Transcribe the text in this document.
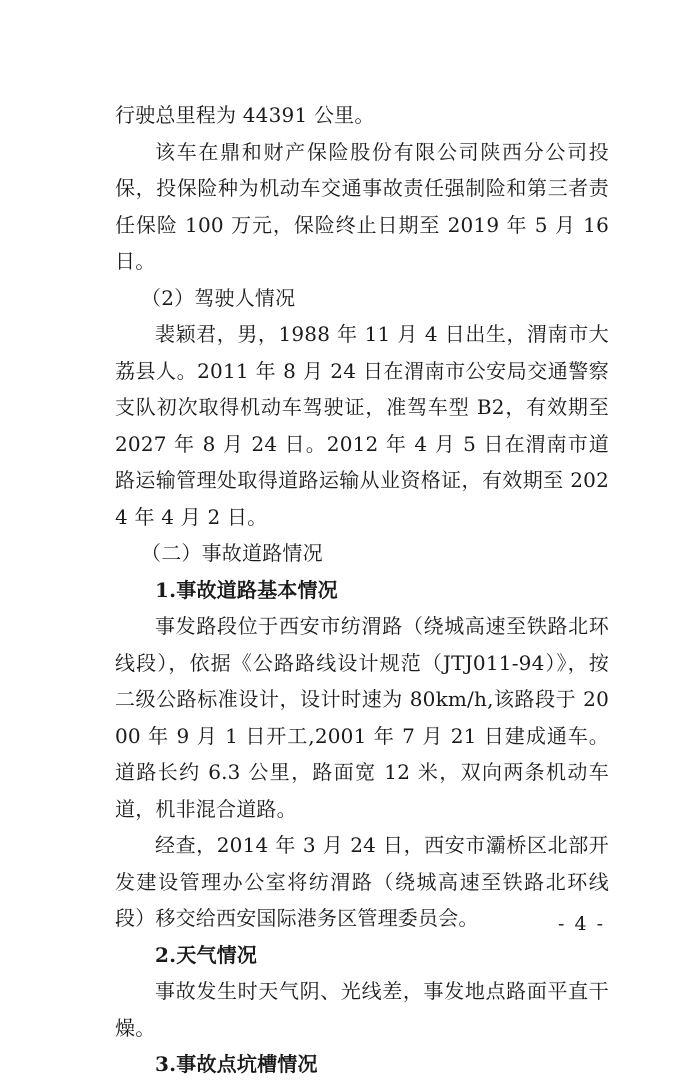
行驶总里程为 44391 公里。

该车在鼎和财产保险股份有限公司陕西分公司投保，投保险种为机动车交通事故责任强制险和第三者责任保险 100 万元，保险终止日期至 2019 年 5 月 16 日。

（2）驾驶人情况

裴颖君，男，1988 年 11 月 4 日出生，渭南市大荔县人。2011 年 8 月 24 日在渭南市公安局交通警察支队初次取得机动车驾驶证，准驾车型 B2，有效期至 2027 年 8 月 24 日。2012 年 4 月 5 日在渭南市道路运输管理处取得道路运输从业资格证，有效期至 2024 年 4 月 2 日。

（二）事故道路情况

1.事故道路基本情况

事发路段位于西安市纺渭路（绕城高速至铁路北环线段），依据《公路路线设计规范（JTJ011-94）》，按二级公路标准设计，设计时速为 80km/h,该路段于 2000 年 9 月 1 日开工,2001 年 7 月 21 日建成通车。道路长约 6.3 公里，路面宽 12 米，双向两条机动车道，机非混合道路。

经查，2014 年 3 月 24 日，西安市灞桥区北部开发建设管理办公室将纺渭路（绕城高速至铁路北环线段）移交给西安国际港务区管理委员会。

2.天气情况

事故发生时天气阴、光线差，事发地点路面平直干燥。

3.事故点坑槽情况

- 4 -
